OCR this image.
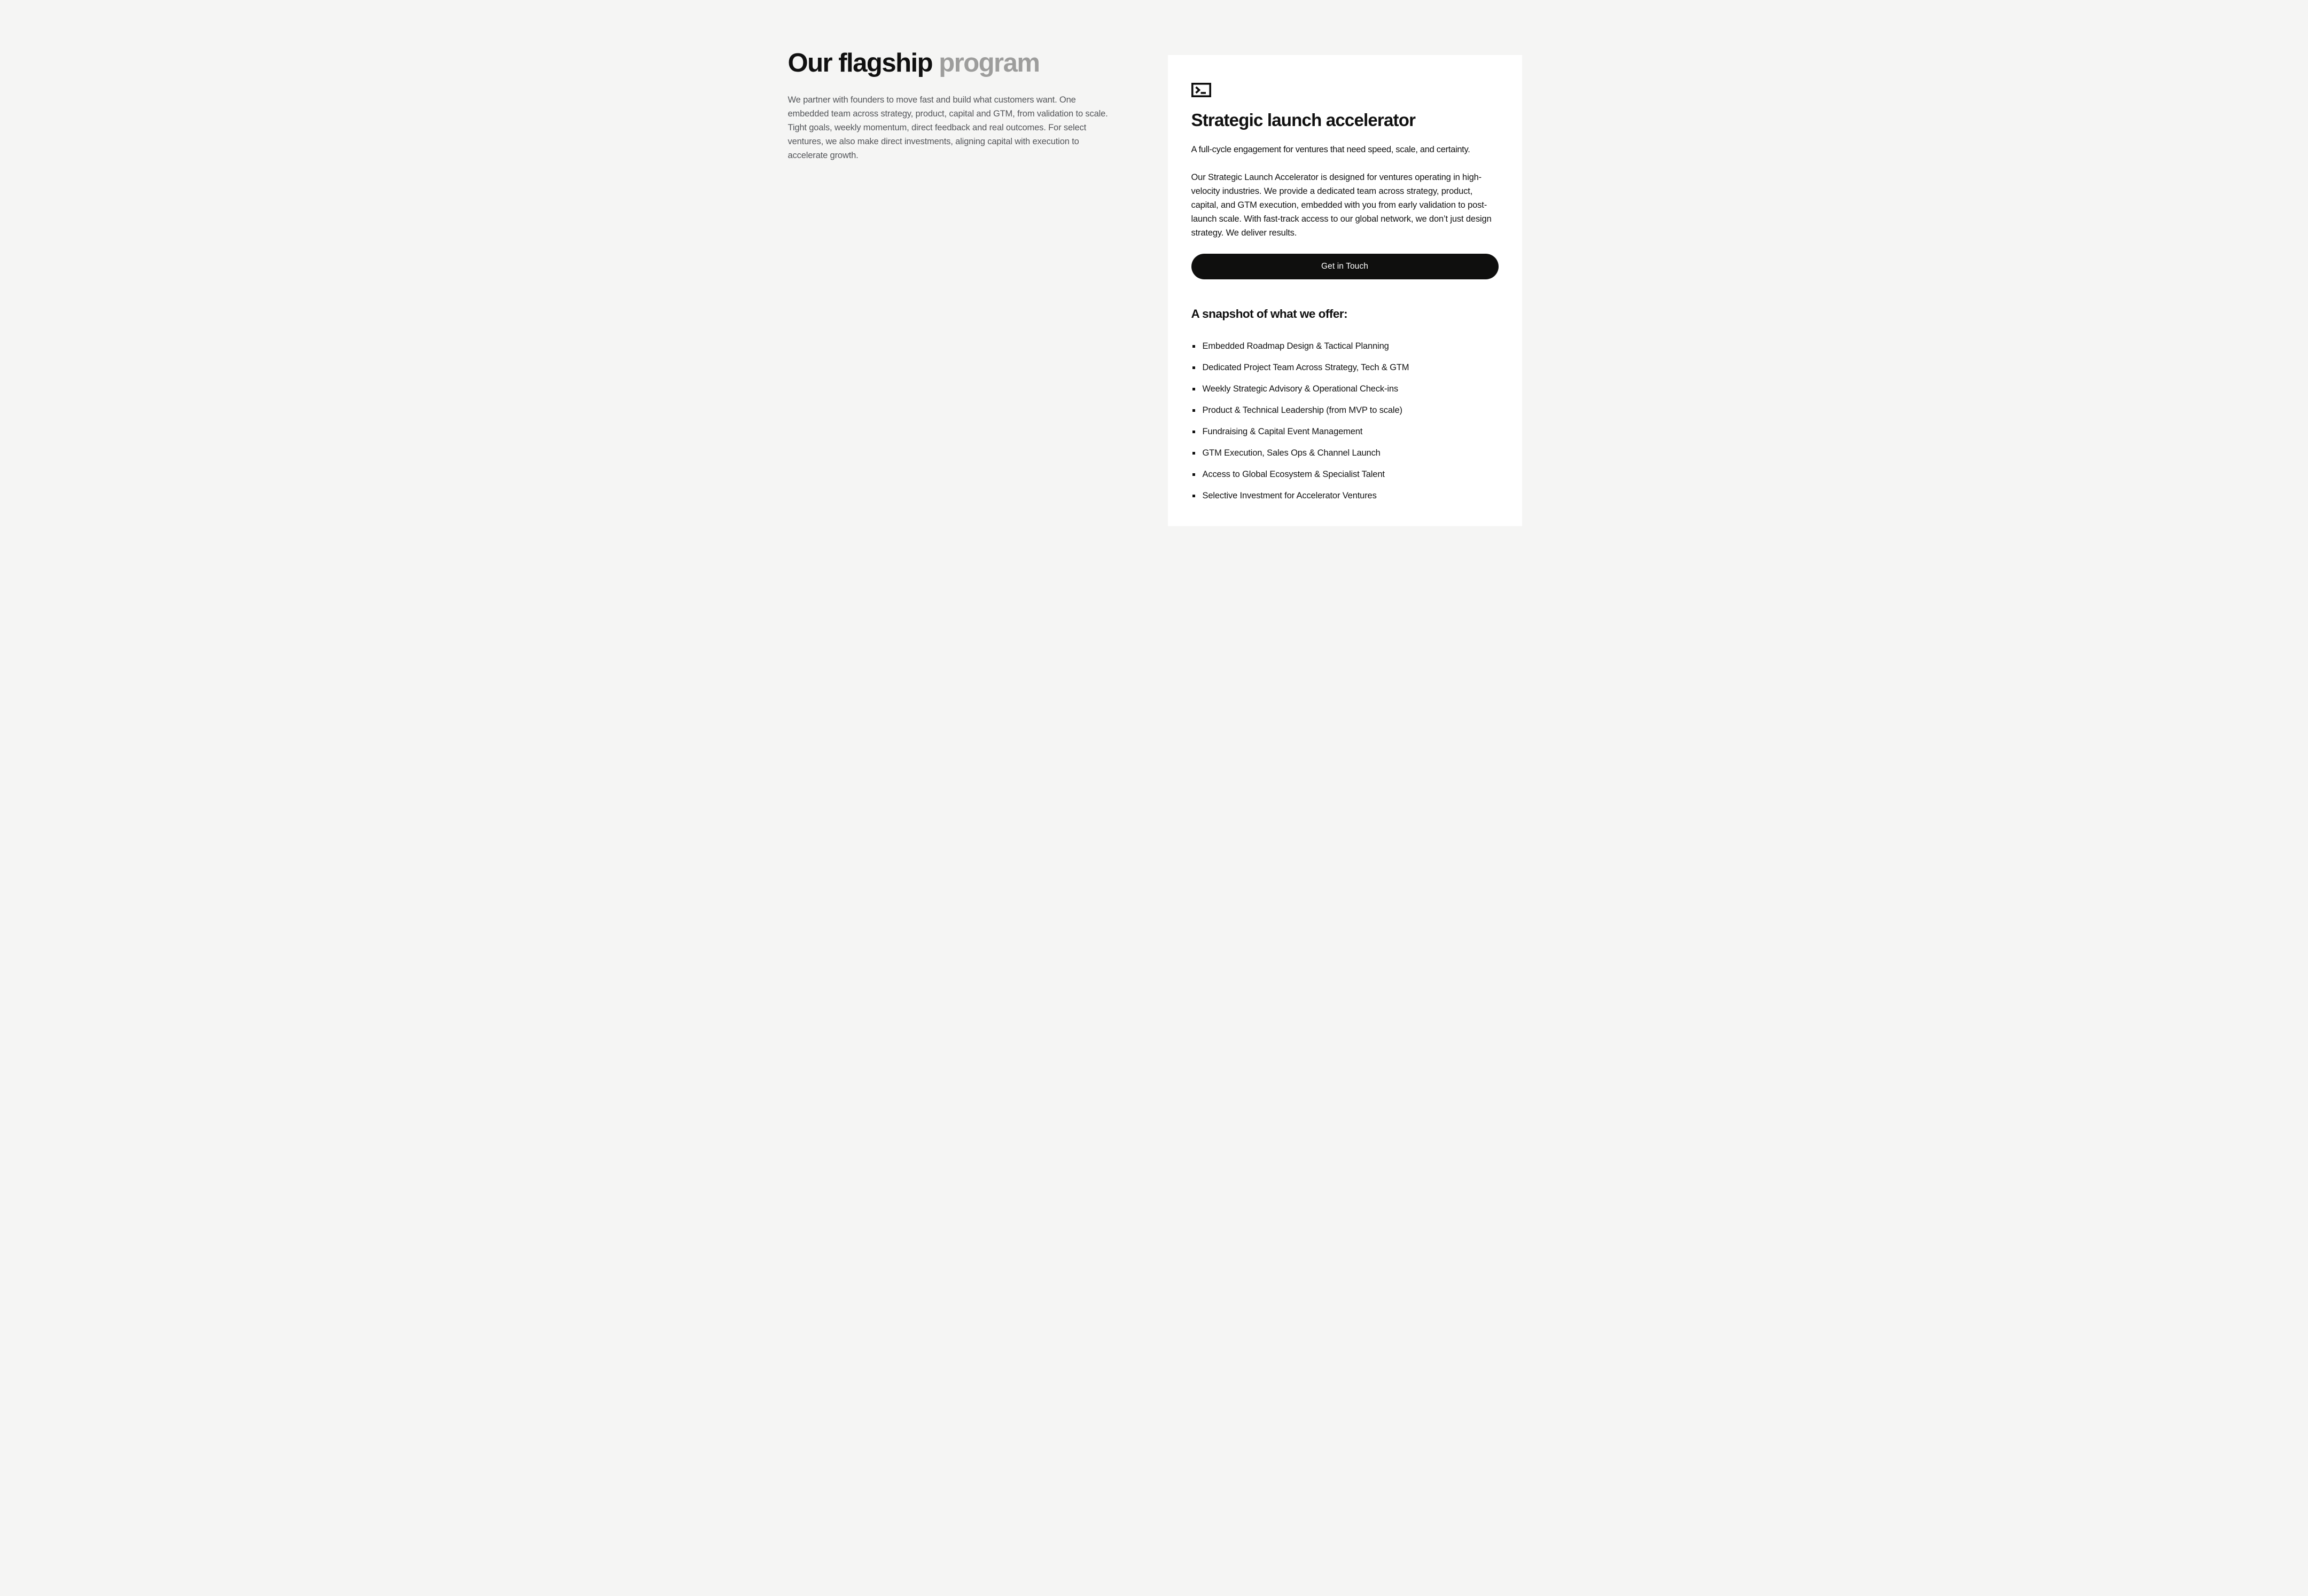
Our flagship program

We partner with founders to move fast and build what customers want. One embedded team across strategy, product, capital and GTM, from validation to scale. Tight goals, weekly momentum, direct feedback and real outcomes. For select ventures, we also make direct investments, aligning capital with execution to accelerate growth.

Strategic launch accelerator

A full-cycle engagement for ventures that need speed, scale, and certainty.

Our Strategic Launch Accelerator is designed for ventures operating in high-velocity industries. We provide a dedicated team across strategy, product, capital, and GTM execution, embedded with you from early validation to post-launch scale. With fast-track access to our global network, we don’t just design strategy. We deliver results.

Get in Touch
A snapshot of what we offer:
Embedded Roadmap Design & Tactical Planning
Dedicated Project Team Across Strategy, Tech & GTM
Weekly Strategic Advisory & Operational Check-ins
Product & Technical Leadership (from MVP to scale)
Fundraising & Capital Event Management
GTM Execution, Sales Ops & Channel Launch
Access to Global Ecosystem & Specialist Talent
Selective Investment for Accelerator Ventures
